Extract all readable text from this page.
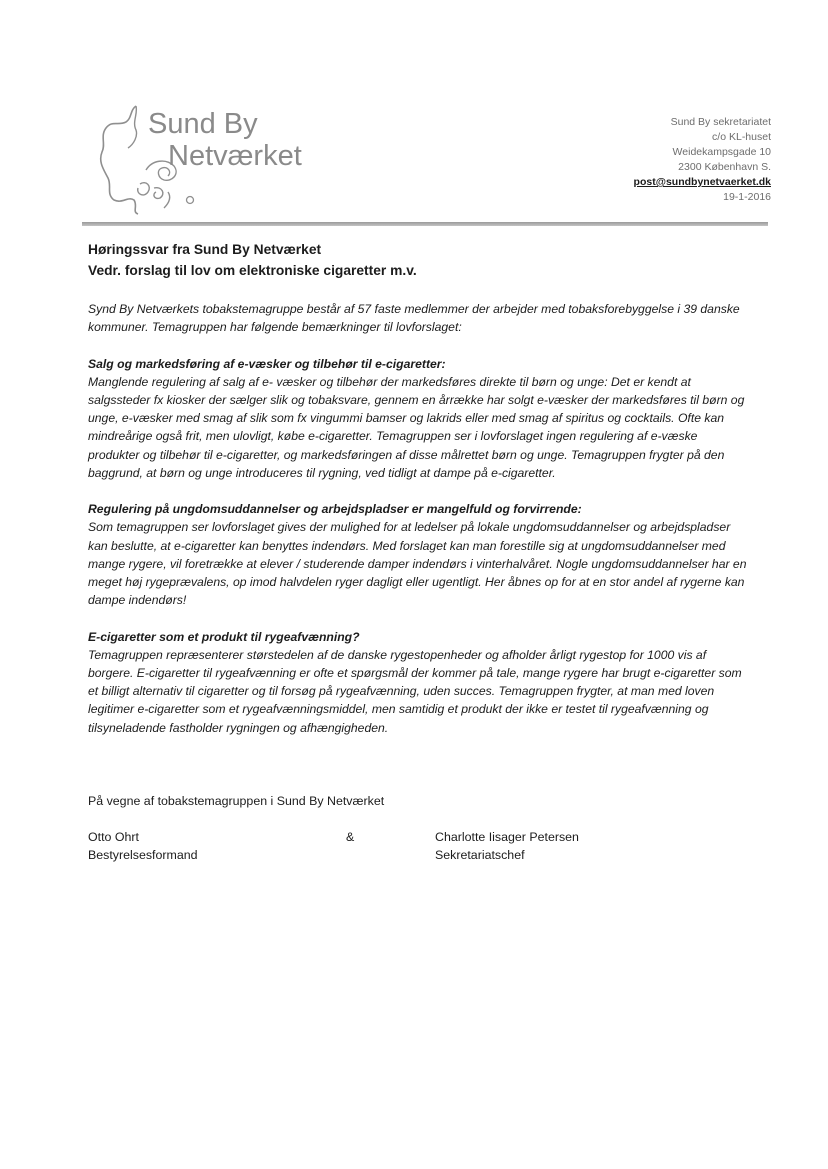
Sund By
Netværket
Sund By sekretariatet
c/o KL-huset
Weidekampsgade 10
2300 København S.
post@sundbynetvaerket.dk
19-1-2016
Høringssvar fra Sund By Netværket
Vedr. forslag til lov om elektroniske cigaretter m.v.

Synd By Netværkets tobakstemagruppe består af 57 faste medlemmer der arbejder med tobaksforebyggelse i 39 danske kommuner. Temagruppen har følgende bemærkninger til lovforslaget:

Salg og markedsføring af e-væsker og tilbehør til e-cigaretter:
Manglende regulering af salg af e- væsker og tilbehør der markedsføres direkte til børn og unge: Det er kendt at salgssteder fx kiosker der sælger slik og tobaksvare, gennem en årrække har solgt e-væsker der markedsføres til børn og unge, e-væsker med smag af slik som fx vingummi bamser og lakrids eller med smag af spiritus og cocktails. Ofte kan mindreårige også frit, men ulovligt, købe e-cigaretter. Temagruppen ser i lovforslaget ingen regulering af e-væske produkter og tilbehør til e-cigaretter, og markedsføringen af disse målrettet børn og unge. Temagruppen frygter på den baggrund, at børn og unge introduceres til rygning, ved tidligt at dampe på e-cigaretter.

Regulering på ungdomsuddannelser og arbejdspladser er mangelfuld og forvirrende:
Som temagruppen ser lovforslaget gives der mulighed for at ledelser på lokale ungdomsuddannelser og arbejdspladser kan beslutte, at e-cigaretter kan benyttes indendørs. Med forslaget kan man forestille sig at ungdomsuddannelser med mange rygere, vil foretrække at elever / studerende damper indendørs i vinterhalvåret. Nogle ungdomsuddannelser har en meget høj rygeprævalens, op imod halvdelen ryger dagligt eller ugentligt. Her åbnes op for at en stor andel af rygerne kan dampe indendørs!

E-cigaretter som et produkt til rygeafvænning?
Temagruppen repræsenterer størstedelen af de danske rygestopenheder og afholder årligt rygestop for 1000 vis af borgere. E-cigaretter til rygeafvænning er ofte et spørgsmål der kommer på tale, mange rygere har brugt e-cigaretter som et billigt alternativ til cigaretter og til forsøg på rygeafvænning, uden succes. Temagruppen frygter, at man med loven legitimer e-cigaretter som et rygeafvænningsmiddel, men samtidig et produkt der ikke er testet til rygeafvænning og tilsyneladende fastholder rygningen og afhængigheden.

På vegne af tobakstemagruppen i Sund By Netværket
Otto Ohrt
Bestyrelsesformand
&	Charlotte Iisager Petersen
Sekretariatschef
